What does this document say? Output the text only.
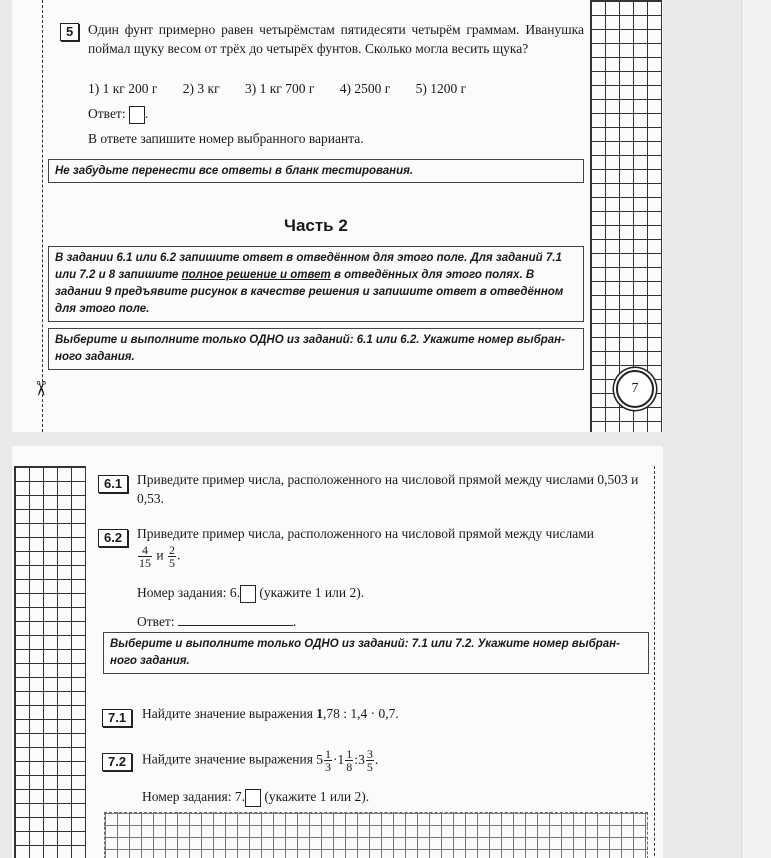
✂	7
5	Один фунт примерно равен четырёмстам пятидесяти четырём граммам. Иванушка поймал щуку весом от трёх до четырёх фунтов. Сколько могла весить щука?
1) 1 кг 200 г 2) 3 кг 3) 1 кг 700 г 4) 2500 г 5) 1200 г
Ответ: .
В ответе запишите номер выбранного варианта.
Не забудьте перенести все ответы в бланк тестирования.
Часть 2
В задании 6.1 или 6.2 запишите ответ в отведённом для этого поле. Для заданий 7.1 или 7.2 и 8 запишите полное решение и ответ в отведённых для этого полях. В задании 9 предъявите рисунок в качестве решения и запишите ответ в отведённом для этого поле.
Выберите и выполните только ОДНО из заданий: 6.1 или 6.2. Укажите номер выбранного задания.
6.1	Приведите пример числа, расположенного на числовой прямой между числами 0,503 и 0,53.
6.2	Приведите пример числа, расположенного на числовой прямой между числами
$\frac{4}{15}$ и $\frac{2}{5}$ .
Номер задания: 6. (укажите 1 или 2).
Ответ:	.
Выберите и выполните только ОДНО из заданий: 7.1 или 7.2. Укажите номер выбранного задания.
7.1	Найдите значение выражения 1,78 : 1,4 · 0,7.
7.2	Найдите значение выражения $5 \frac{1}{3} \cdot 1 \frac{1}{8}$ :3 $\frac{3}{5}$ .
Номер задания: 7. (укажите 1 или 2).
